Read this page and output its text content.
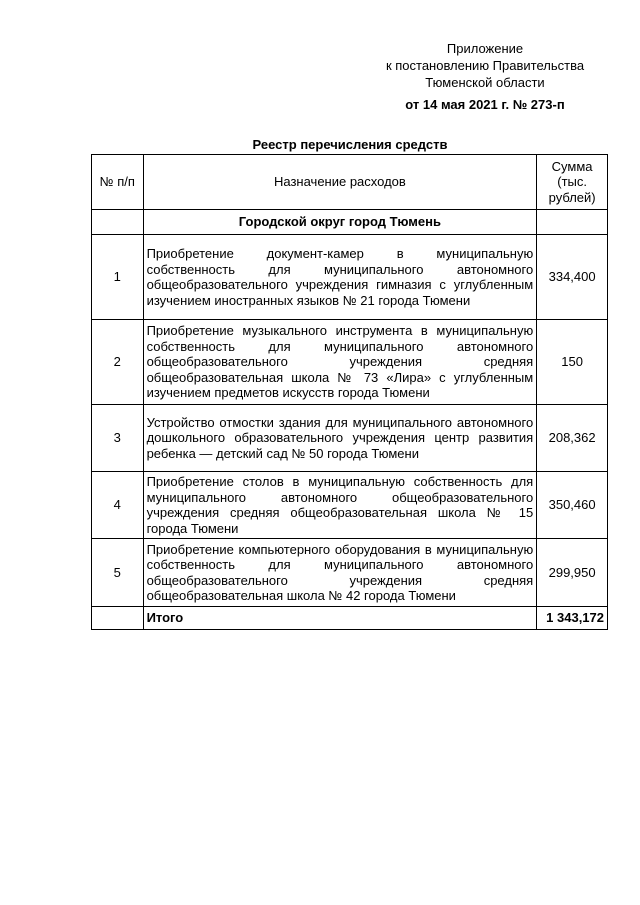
Приложение
к постановлению Правительства
Тюменской области
от 14 мая 2021 г. № 273-п
Реестр перечисления средств
№ п/п	Назначение расходов	Сумма (тыс. рублей)
	Городской округ город Тюмень	
1	Приобретение документ-камер в муниципальную собственность для муниципального автономного общеобразовательного учреждения гимназия с углубленным изучением иностранных языков № 21 города Тюмени	334,400
2	Приобретение музыкального инструмента в муниципальную собственность для муниципального автономного общеобразовательного учреждения средняя общеобразовательная школа № 73 «Лира» с углубленным изучением предметов искусств города Тюмени	150
3	Устройство отмостки здания для муниципального автономного дошкольного образовательного учреждения центр развития ребенка — детский сад № 50 города Тюмени	208,362
4	Приобретение столов в муниципальную собственность для муниципального автономного общеобразовательного учреждения средняя общеобразовательная школа № 15 города Тюмени	350,460
5	Приобретение компьютерного оборудования в муниципальную собственность для муниципального автономного общеобразовательного учреждения средняя общеобразовательная школа № 42 города Тюмени	299,950
	Итого	1 343,172
